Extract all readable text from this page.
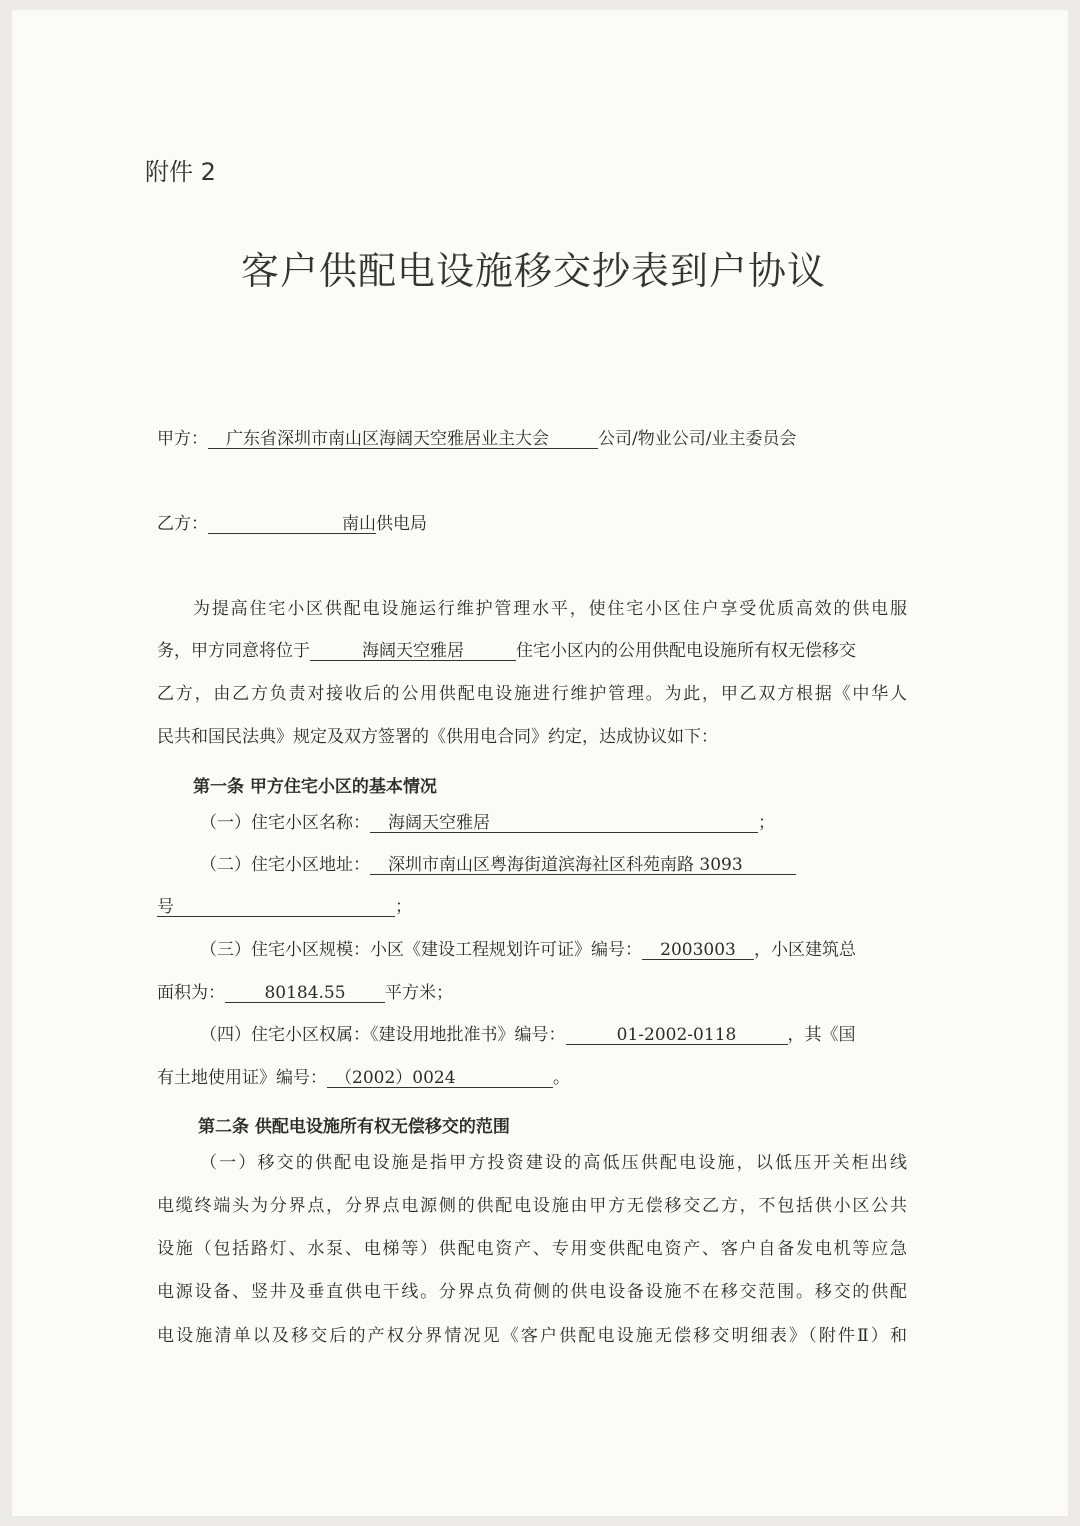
附件 2
客户供配电设施移交抄表到户协议
甲方： 广东省深圳市南山区海阔天空雅居业主大会	公司/物业公司/业主委员会
乙方：	南山供电局
为提高住宅小区供配电设施运行维护管理水平，使住宅小区住户享受优质高效的供电服
务，甲方同意将位于	海阔天空雅居	住宅小区内的公用供配电设施所有权无偿移交
乙方，由乙方负责对接收后的公用供配电设施进行维护管理。为此，甲乙双方根据《中华人
民共和国民法典》规定及双方签署的《供用电合同》约定，达成协议如下：
第一条 甲方住宅小区的基本情况
（一）住宅小区名称： 海阔天空雅居	；
（二）住宅小区地址： 深圳市南山区粤海街道滨海社区科苑南路 3093
号	；
（三）住宅小区规模：小区《建设工程规划许可证》编号： 2003003 ，小区建筑总
面积为： 80184.55 平方米；
（四）住宅小区权属：《建设用地批准书》编号：	01-2002-0118	，其《国
有土地使用证》编号： （2002）0024	。
第二条 供配电设施所有权无偿移交的范围
（一）移交的供配电设施是指甲方投资建设的高低压供配电设施，以低压开关柜出线
电缆终端头为分界点，分界点电源侧的供配电设施由甲方无偿移交乙方，不包括供小区公共
设施（包括路灯、水泵、电梯等）供配电资产、专用变供配电资产、客户自备发电机等应急
电源设备、竖井及垂直供电干线。分界点负荷侧的供电设备设施不在移交范围。移交的供配
电设施清单以及移交后的产权分界情况见《客户供配电设施无偿移交明细表》（附件Ⅱ）和
